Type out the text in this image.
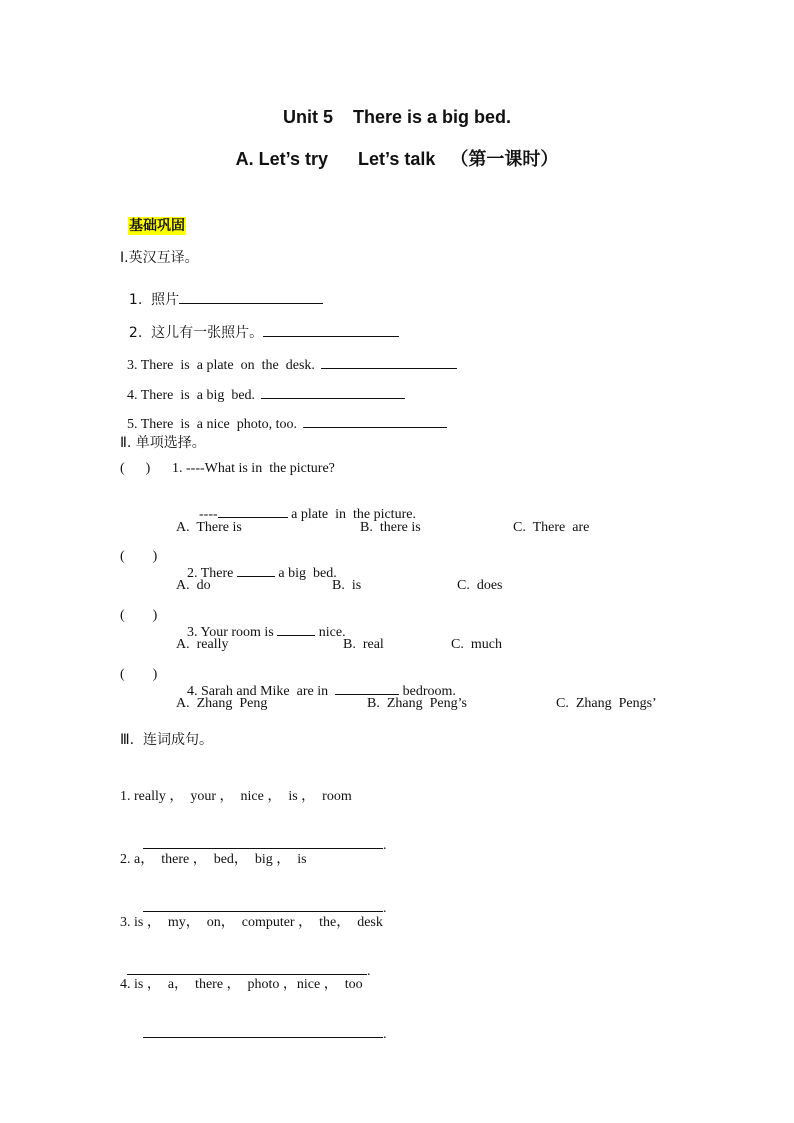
Unit 5    There is a big bed.
A. Let’s try      Let’s talk   （第一课时）

基础巩固

Ⅰ.英汉互译。

1.  照片

2.  这儿有一张照片。

3. There  is  a plate  on  the  desk.

4. There  is  a big  bed.

5. There  is  a nice  photo, too.

Ⅱ. 单项选择。
(      ) 1. ----What is in  the picture?

----	a plate  in  the picture.

A.  There is	B.  there is	C.  There  are
(        )

2. There	a big  bed.

A.  do	B.  is	C.  does
(        )

3. Your room is	nice.

A.  really	B.  real	C.  much
(        )

4. Sarah and Mike  are in	bedroom.

A.  Zhang  Peng	B.  Zhang  Peng’s	C.  Zhang  Pengs’
Ⅲ.  连词成句。
1. really ，  your ，  nice ，  is ，  room

.

2. a，  there ，  bed，  big ，  is

.

3. is ，  my，  on，  computer ，  the，  desk

.

4. is ，  a，  there ，  photo ，nice ，  too

.
